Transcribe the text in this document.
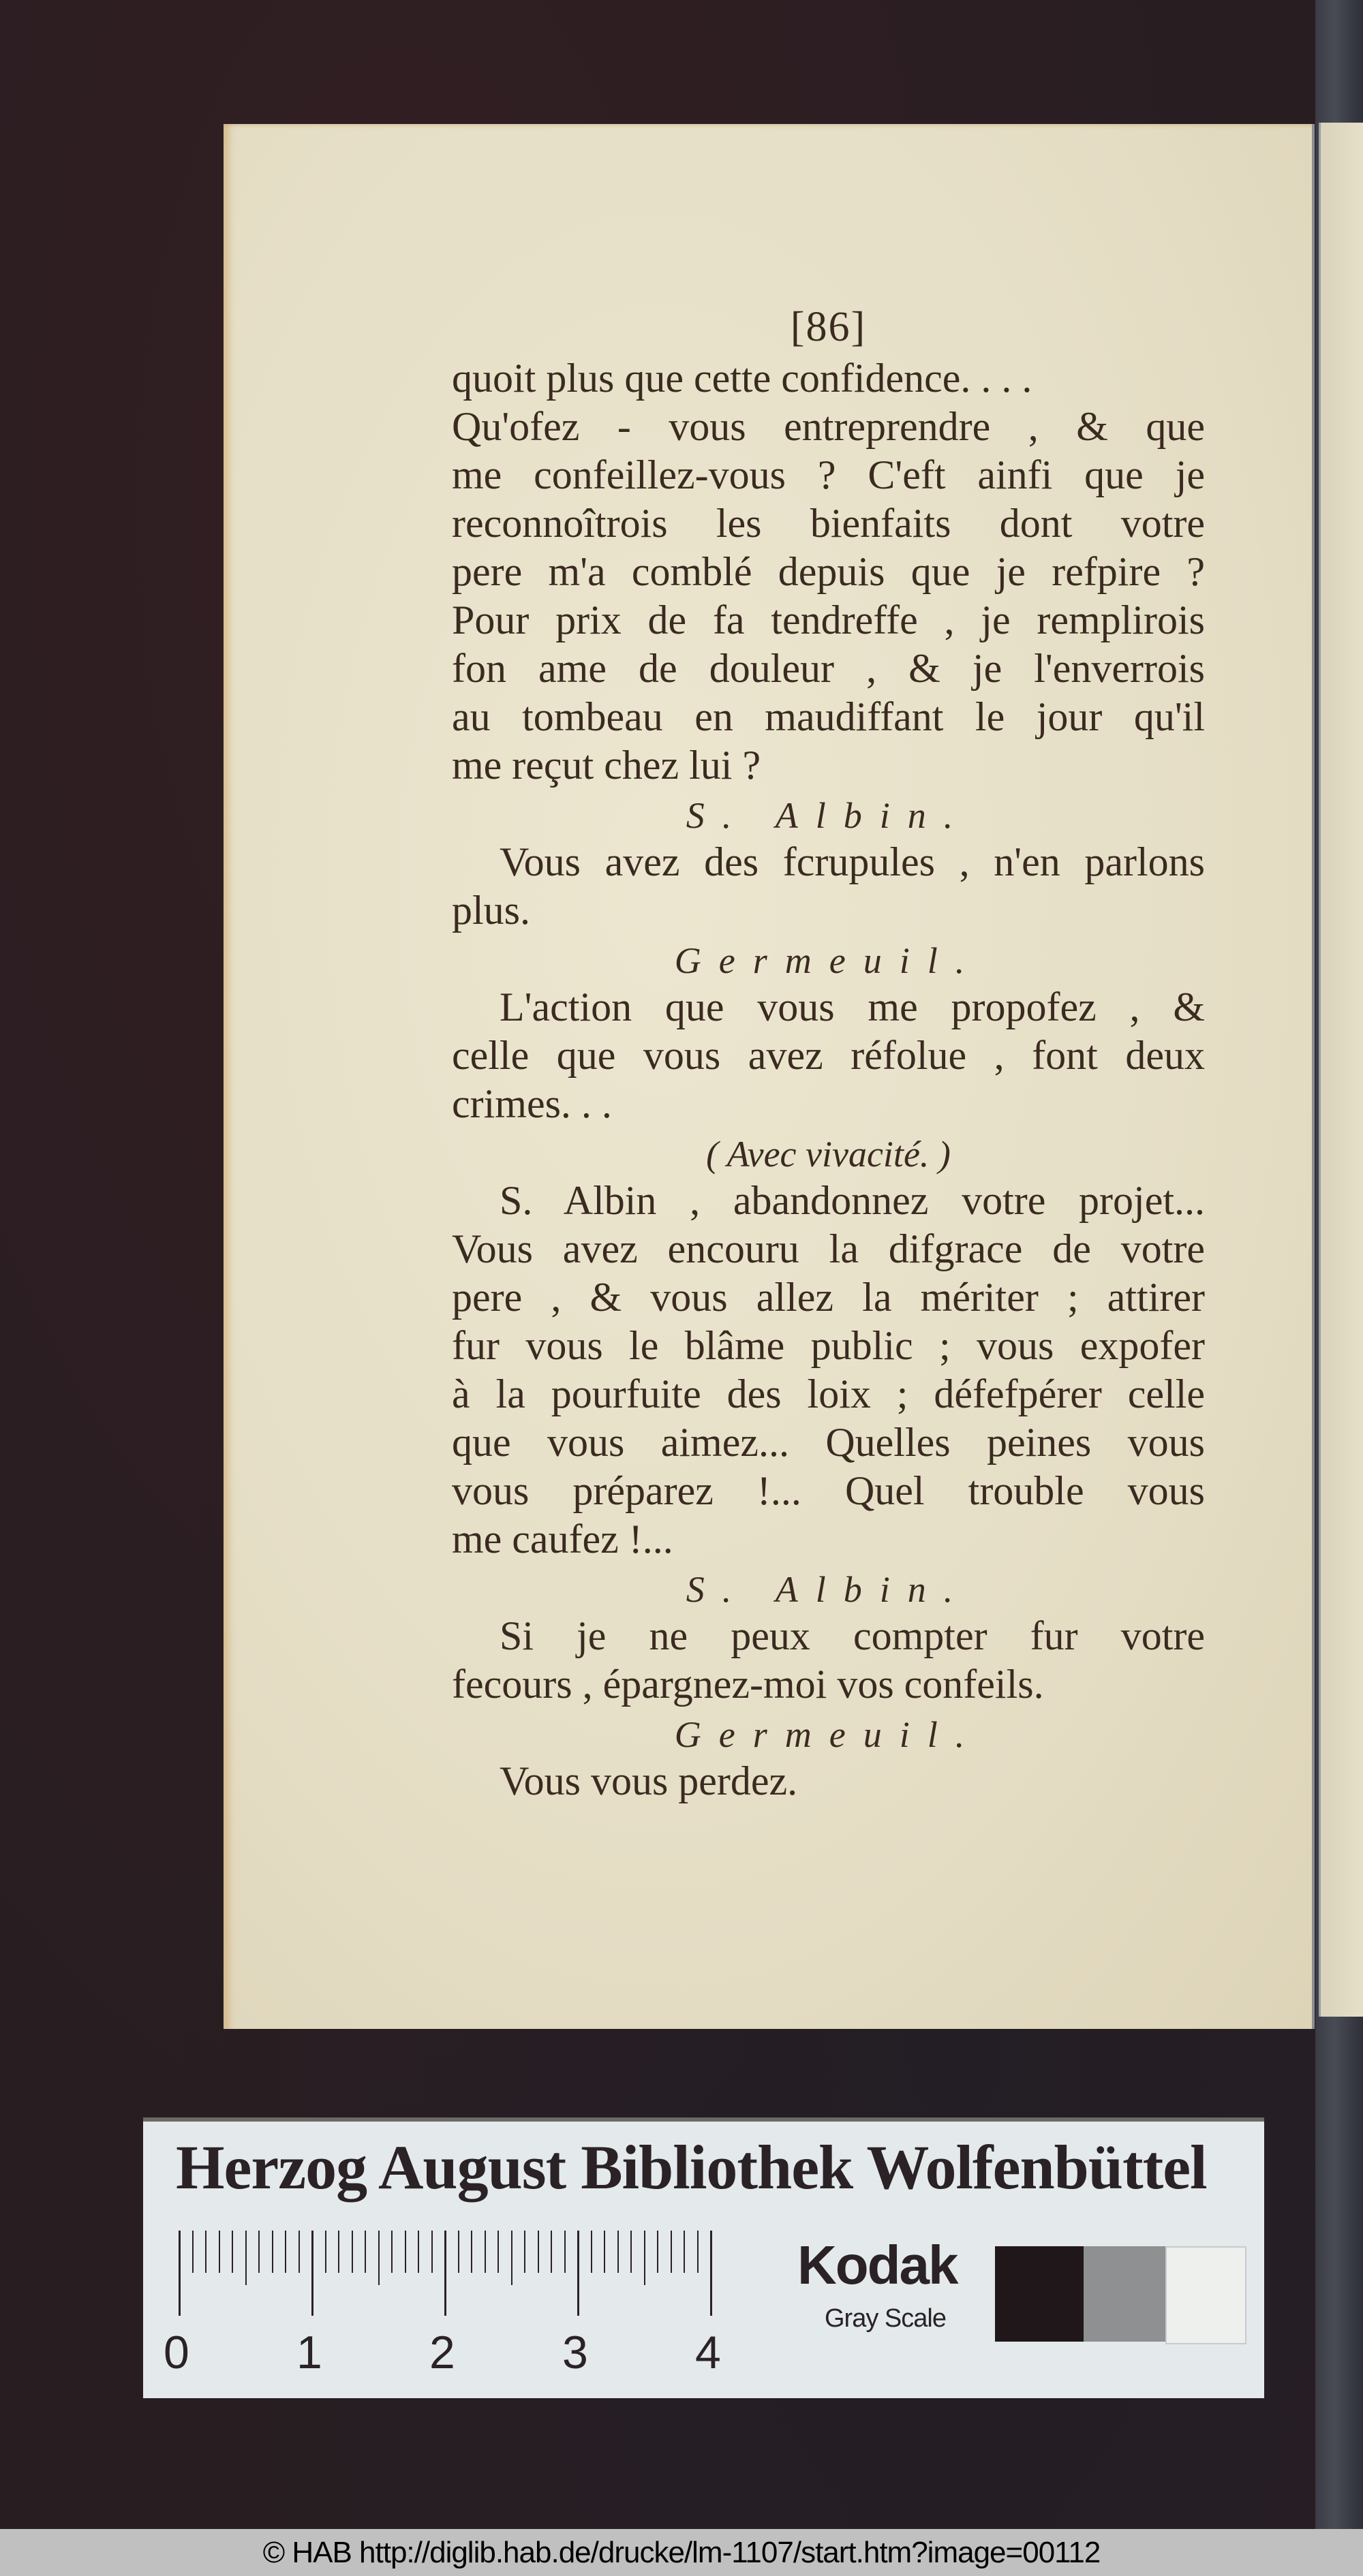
[86]
quoit plus que cette confidence. . . .
Qu'ofez - vous entreprendre , & que
me confeillez-vous ? C'eft ainfi que je
reconnoîtrois les bienfaits dont votre
pere m'a comblé depuis que je refpire ?
Pour prix de fa tendreffe , je remplirois
fon ame de douleur , & je l'enverrois
au tombeau en maudiffant le jour qu'il
me reçut chez lui ?
S. Albin.
Vous avez des fcrupules , n'en parlons
plus.
Germeuil.
L'action que vous me propofez , &
celle que vous avez réfolue , font deux
crimes. . .
( Avec vivacité. )
S. Albin , abandonnez votre projet...
Vous avez encouru la difgrace de votre
pere , & vous allez la mériter ; attirer
fur vous le blâme public ; vous expofer
à la pourfuite des loix ; défefpérer celle
que vous aimez... Quelles peines vous
vous préparez !... Quel trouble vous
me caufez !...
S. Albin.
Si je ne peux compter fur votre
fecours , épargnez-moi vos confeils.
Germeuil.
Vous vous perdez.
Herzog August Bibliothek Wolfenbüttel
0 1 2 3 4
Kodak
Gray Scale
© HAB http://diglib.hab.de/drucke/lm-1107/start.htm?image=00112
